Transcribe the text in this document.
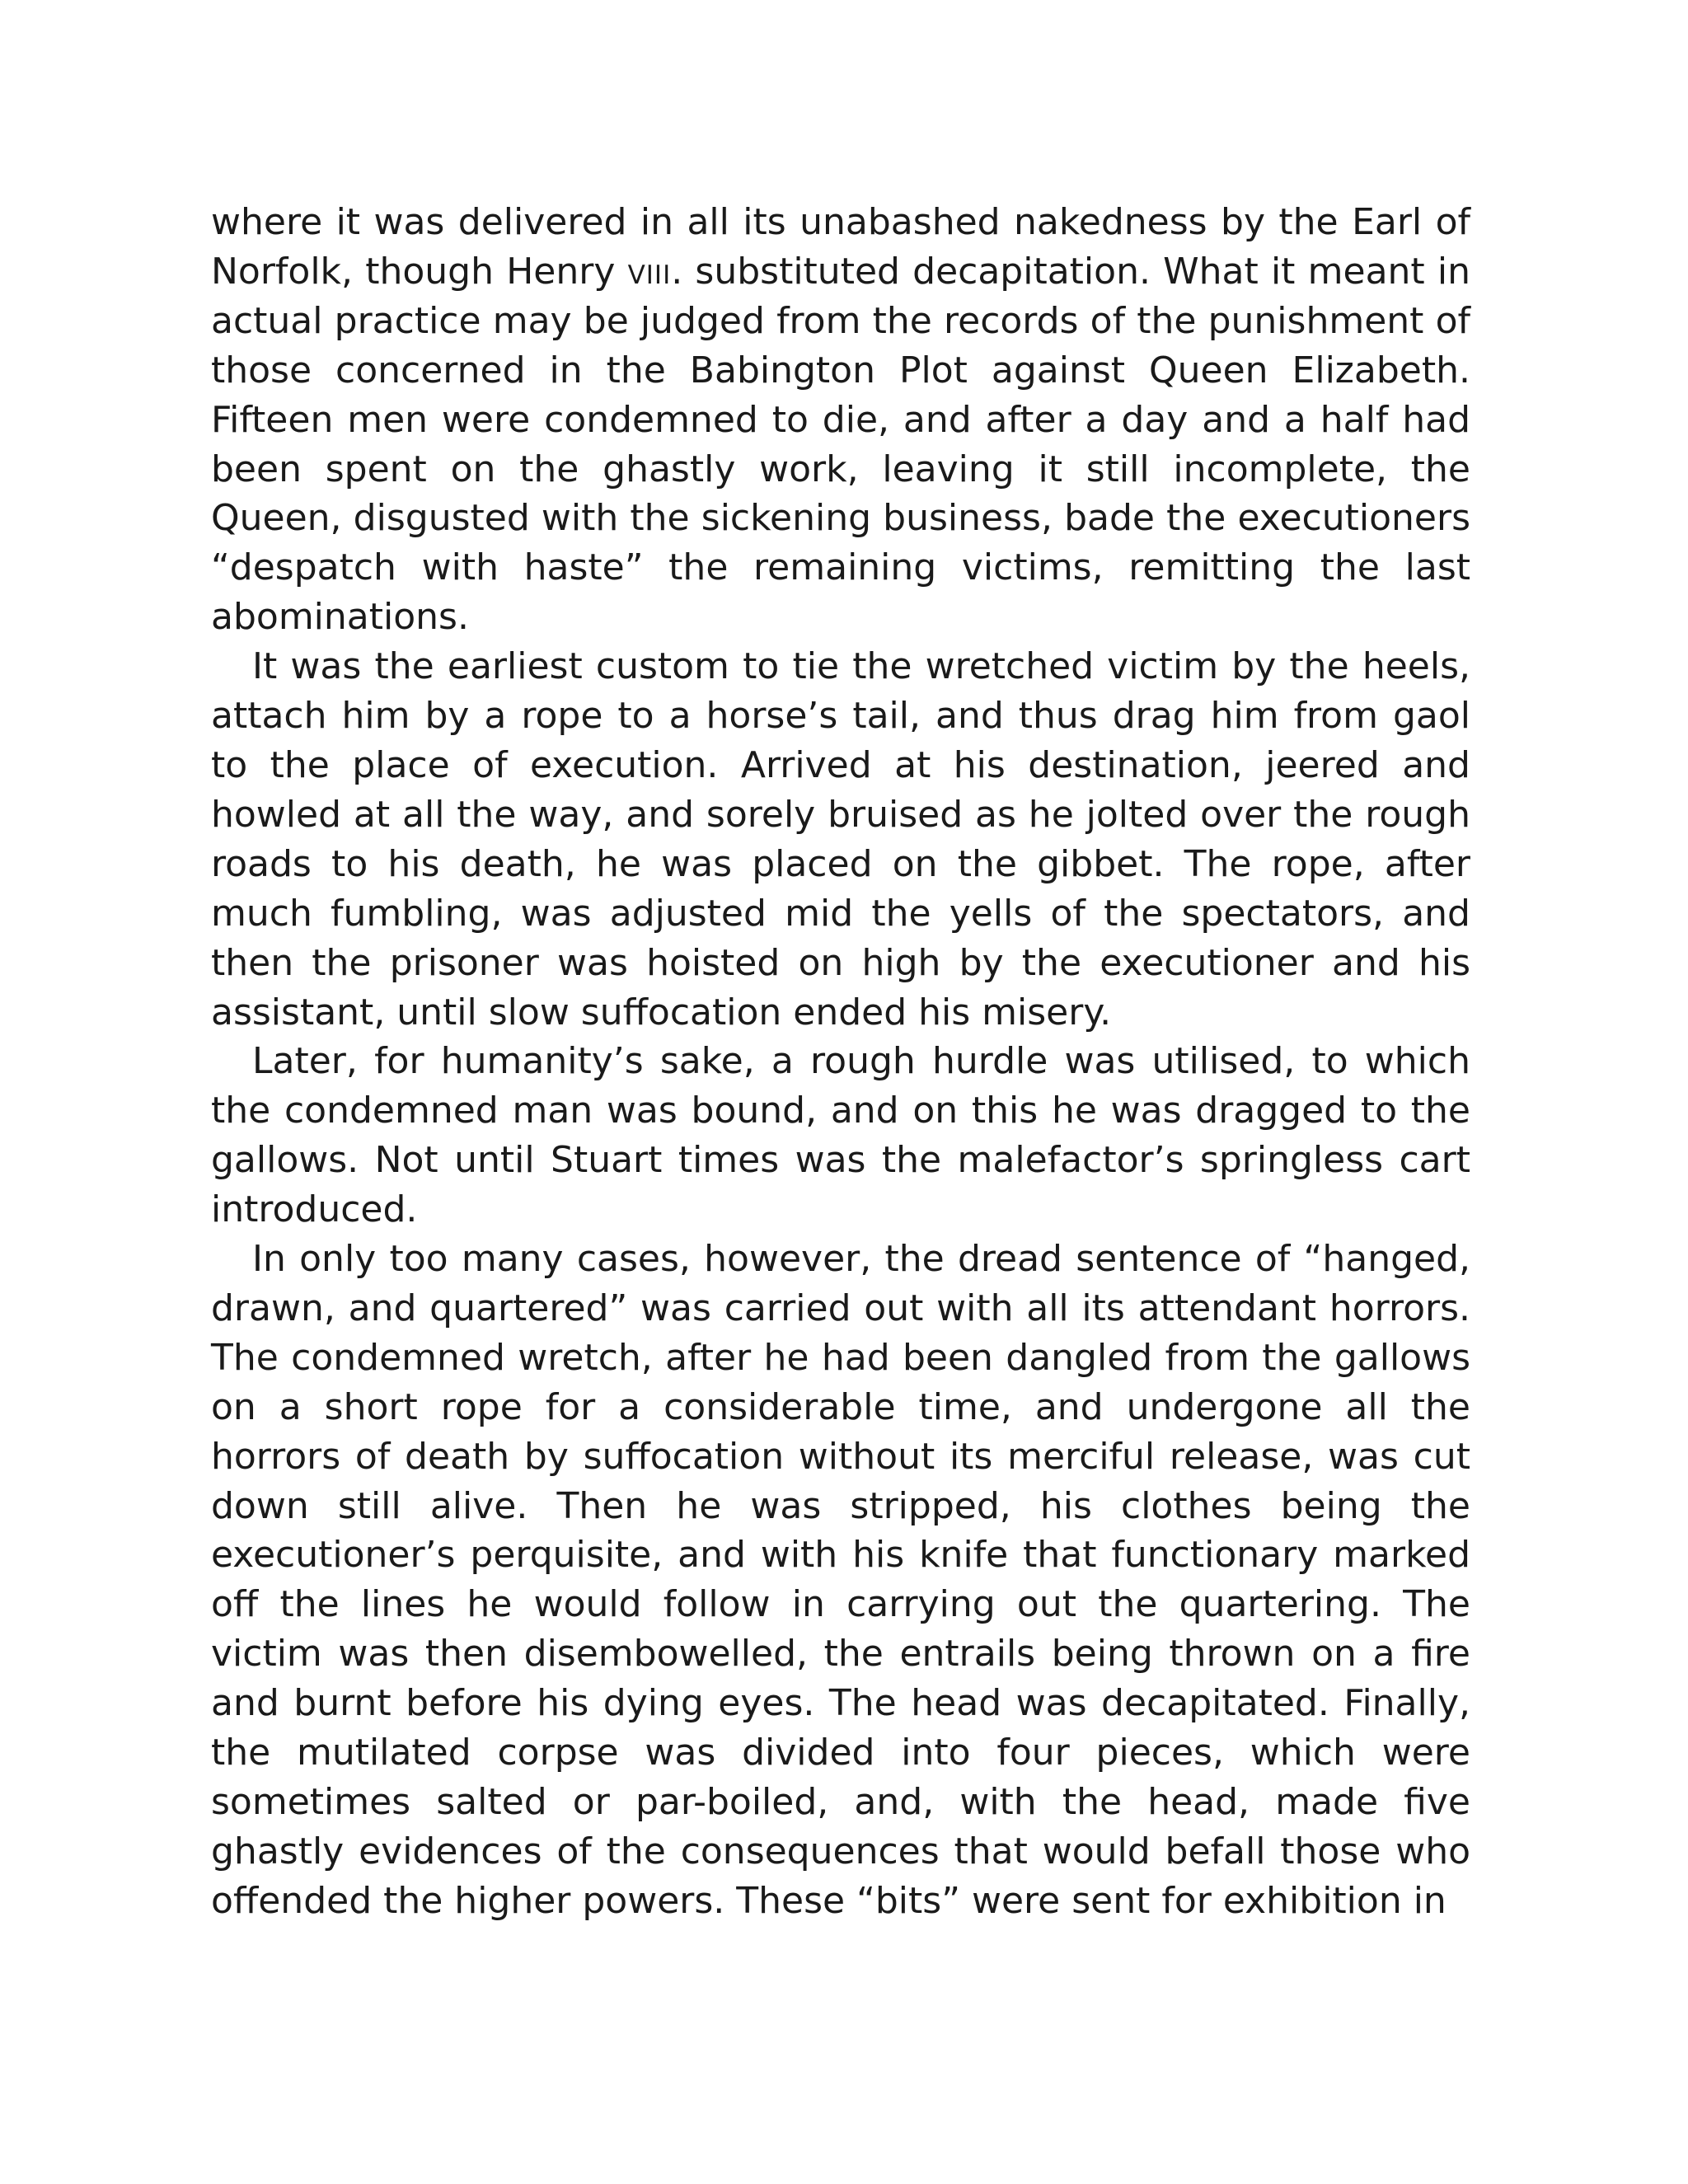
where it was delivered in all its unabashed nakedness by the Earl of Norfolk, though Henry viii. substituted decapitation. What it meant in actual practice may be judged from the records of the punishment of those concerned in the Babington Plot against Queen Elizabeth. Fifteen men were condemned to die, and after a day and a half had been spent on the ghastly work, leaving it still incomplete, the Queen, disgusted with the sickening business, bade the executioners “despatch with haste” the remaining victims, remitting the last abominations.

It was the earliest custom to tie the wretched victim by the heels, attach him by a rope to a horse’s tail, and thus drag him from gaol to the place of execution. Arrived at his destination, jeered and howled at all the way, and sorely bruised as he jolted over the rough roads to his death, he was placed on the gibbet. The rope, after much fumbling, was adjusted mid the yells of the spectators, and then the prisoner was hoisted on high by the executioner and his assistant, until slow suffocation ended his misery.

Later, for humanity’s sake, a rough hurdle was utilised, to which the condemned man was bound, and on this he was dragged to the gallows. Not until Stuart times was the malefactor’s springless cart introduced.

In only too many cases, however, the dread sentence of “hanged, drawn, and quartered” was carried out with all its attendant horrors. The condemned wretch, after he had been dangled from the gallows on a short rope for a considerable time, and undergone all the horrors of death by suffocation without its merciful release, was cut down still alive. Then he was stripped, his clothes being the executioner’s perquisite, and with his knife that functionary marked off the lines he would follow in carrying out the quartering. The victim was then disembowelled, the entrails being thrown on a fire and burnt before his dying eyes. The head was decapitated. Finally, the mutilated corpse was divided into four pieces, which were sometimes salted or par-boiled, and, with the head, made five ghastly evidences of the consequences that would befall those who offended the higher powers. These “bits” were sent for exhibition in
